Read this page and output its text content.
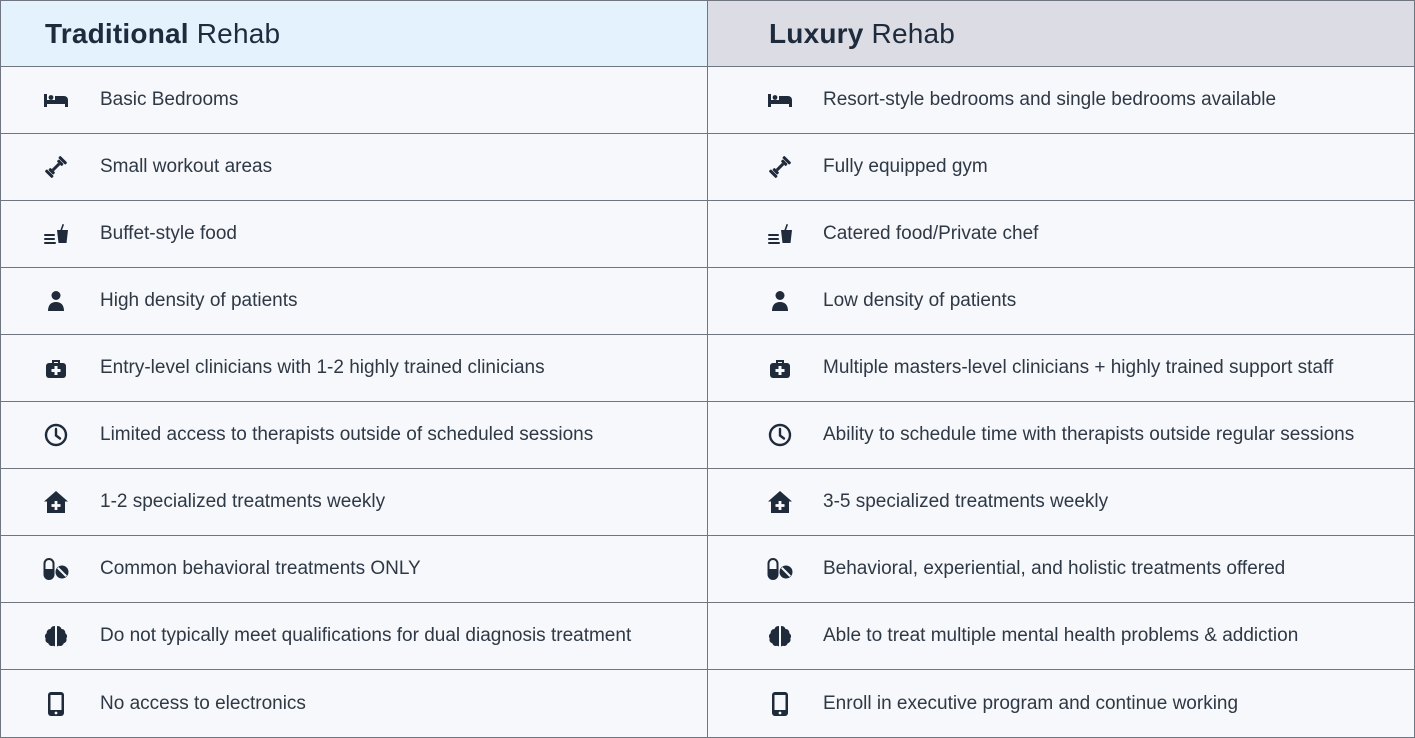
Traditional Rehab	Luxury Rehab
Basic Bedrooms	Resort-style bedrooms and single bedrooms available
Small workout areas	Fully equipped gym
Buffet-style food	Catered food/Private chef
High density of patients	Low density of patients
Entry-level clinicians with 1-2 highly trained clinicians	Multiple masters-level clinicians + highly trained support staff
Limited access to therapists outside of scheduled sessions	Ability to schedule time with therapists outside regular sessions
1-2 specialized treatments weekly	3-5 specialized treatments weekly
Common behavioral treatments ONLY	Behavioral, experiential, and holistic treatments offered
Do not typically meet qualifications for dual diagnosis treatment	Able to treat multiple mental health problems & addiction
No access to electronics	Enroll in executive program and continue working
